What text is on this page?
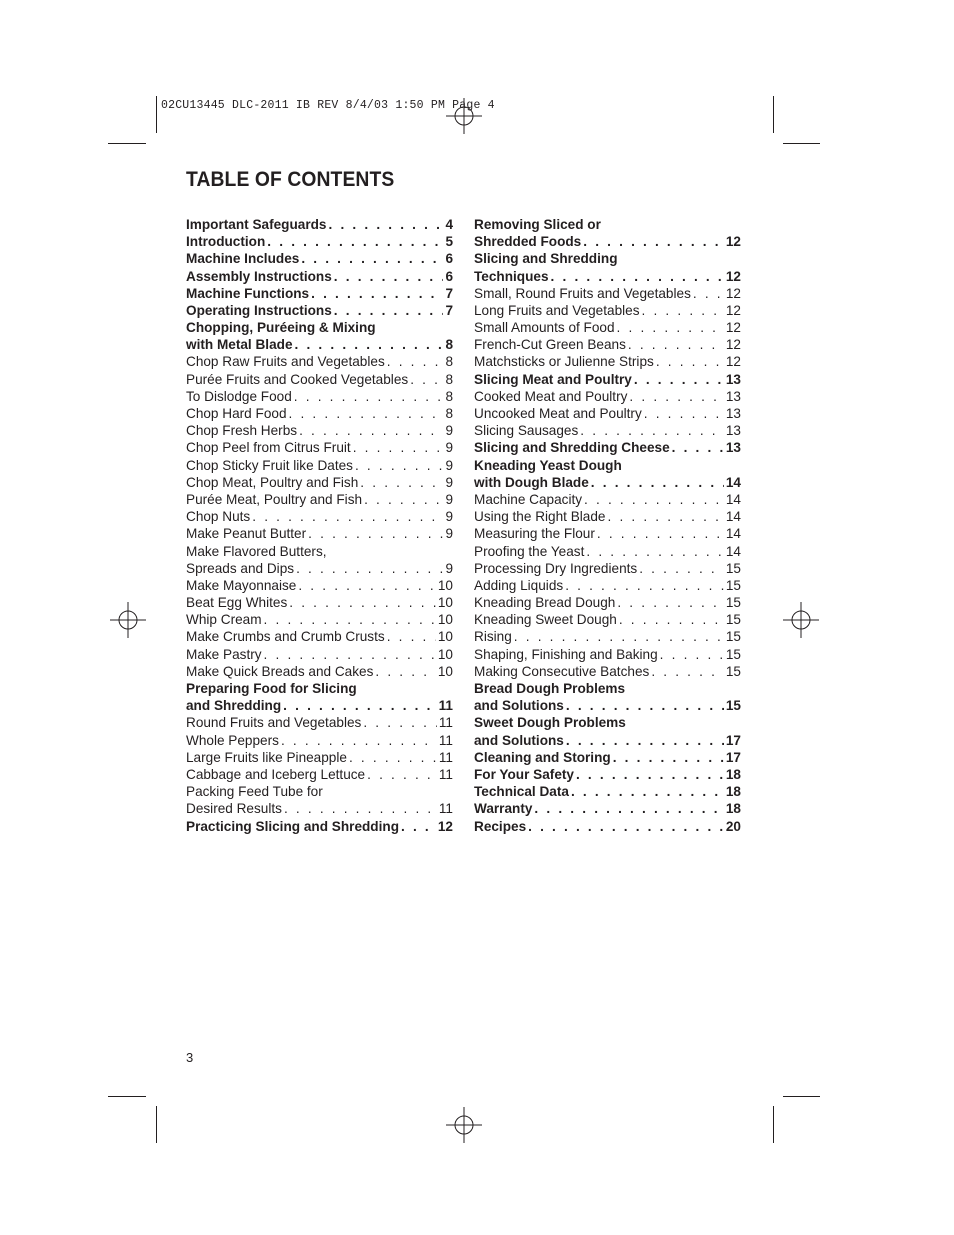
02CU13445 DLC-2011 IB REV 8/4/03 1:50 PM Page 4
TABLE OF CONTENTS
Important Safeguards . . .	4
Introduction . . .	5
Machine Includes . . .	6
Assembly Instructions . . .	6
Machine Functions . . .	7
Operating Instructions . . .	7
Chopping, Puréeing & Mixing
with Metal Blade . . .	8
Chop Raw Fruits and Vegetables . . .	8
Purée Fruits and Cooked Vegetables . . .	8
To Dislodge Food . . .	8
Chop Hard Food . . .	8
Chop Fresh Herbs . . .	9
Chop Peel from Citrus Fruit . . .	9
Chop Sticky Fruit like Dates . . .	9
Chop Meat, Poultry and Fish . . .	9
Purée Meat, Poultry and Fish . . .	9
Chop Nuts . . .	9
Make Peanut Butter . . .	9
Make Flavored Butters,
Spreads and Dips . . .	9
Make Mayonnaise . . .	10
Beat Egg Whites . . .	10
Whip Cream . . .	10
Make Crumbs and Crumb Crusts . . .	10
Make Pastry . . .	10
Make Quick Breads and Cakes . . .	10
Preparing Food for Slicing
and Shredding . . .	11
Round Fruits and Vegetables . . .	11
Whole Peppers . . .	11
Large Fruits like Pineapple . . .	11
Cabbage and Iceberg Lettuce . . .	11
Packing Feed Tube for
Desired Results . . .	11
Practicing Slicing and Shredding . . .	12
Removing Sliced or
Shredded Foods . . .	12
Slicing and Shredding
Techniques . . .	12
Small, Round Fruits and Vegetables . . .	12
Long Fruits and Vegetables . . .	12
Small Amounts of Food . . .	12
French-Cut Green Beans . . .	12
Matchsticks or Julienne Strips . . .	12
Slicing Meat and Poultry . . .	13
Cooked Meat and Poultry . . .	13
Uncooked Meat and Poultry . . .	13
Slicing Sausages . . .	13
Slicing and Shredding Cheese . . .	13
Kneading Yeast Dough
with Dough Blade . . .	14
Machine Capacity . . .	14
Using the Right Blade . . .	14
Measuring the Flour . . .	14
Proofing the Yeast . . .	14
Processing Dry Ingredients . . .	15
Adding Liquids . . .	15
Kneading Bread Dough . . .	15
Kneading Sweet Dough . . .	15
Rising . . .	15
Shaping, Finishing and Baking . . .	15
Making Consecutive Batches . . .	15
Bread Dough Problems
and Solutions . . .	15
Sweet Dough Problems
and Solutions . . .	17
Cleaning and Storing . . .	17
For Your Safety . . .	18
Technical Data . . .	18
Warranty . . .	18
Recipes . . .	20
3
